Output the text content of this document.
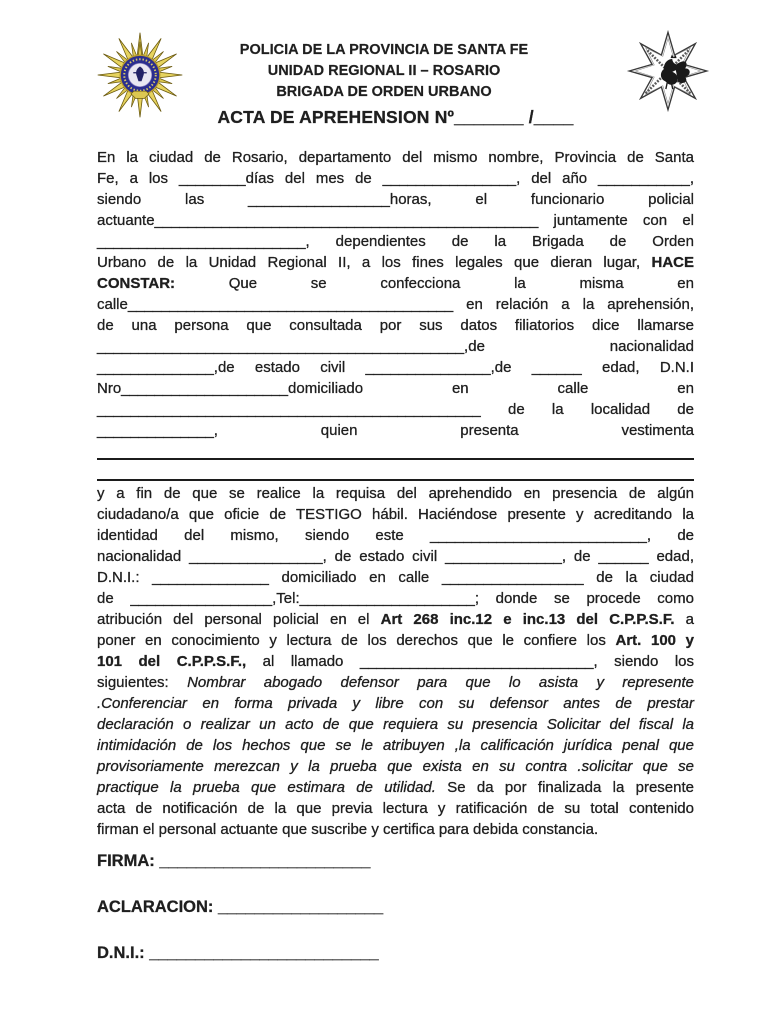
POLICIA DE LA PROVINCIA DE SANTA FE
UNIDAD REGIONAL II – ROSARIO
BRIGADA DE ORDEN URBANO
ACTA DE APREHENSION Nº_______ /____
En la ciudad de Rosario, departamento del mismo nombre, Provincia de Santa
Fe, a los ________días del mes de ________________, del año ___________,
siendo las _________________horas, el funcionario policial
actuante______________________________________________ juntamente con el
_________________________, dependientes de la Brigada de Orden
Urbano de la Unidad Regional II, a los fines legales que dieran lugar, HACE
CONSTAR: Que se confecciona la misma en
calle_______________________________________ en relación a la aprehensión,
de una persona que consultada por sus datos filiatorios dice llamarse
____________________________________________,de nacionalidad
______________,de estado civil _______________,de ______ edad, D.N.I
Nro____________________domiciliado en calle en
______________________________________________ de la localidad de
______________, quien presenta vestimenta
y a fin de que se realice la requisa del aprehendido en presencia de algún
ciudadano/a que oficie de TESTIGO hábil. Haciéndose presente y acreditando la
identidad del mismo, siendo este __________________________, de
nacionalidad ________________, de estado civil ______________, de ______ edad,
D.N.I.: ______________ domiciliado en calle _________________ de la ciudad
de _________________,Tel:_____________________; donde se procede como
atribución del personal policial en el Art 268 inc.12 e inc.13 del C.P.P.S.F. a
poner en conocimiento y lectura de los derechos que le confiere los Art. 100 y
101 del C.P.P.S.F., al llamado ____________________________, siendo los
siguientes: Nombrar abogado defensor para que lo asista y represente
.Conferenciar en forma privada y libre con su defensor antes de prestar
declaración o realizar un acto de que requiera su presencia Solicitar del fiscal la
intimidación de los hechos que se le atribuyen ,la calificación jurídica penal que
provisoriamente merezcan y la prueba que exista en su contra .solicitar que se
practique la prueba que estimara de utilidad. Se da por finalizada la presente
acta de notificación de la que previa lectura y ratificación de su total contenido
firman el personal actuante que suscribe y certifica para debida constancia.
FIRMA: _______________________
ACLARACION: __________________
D.N.I.: _________________________
